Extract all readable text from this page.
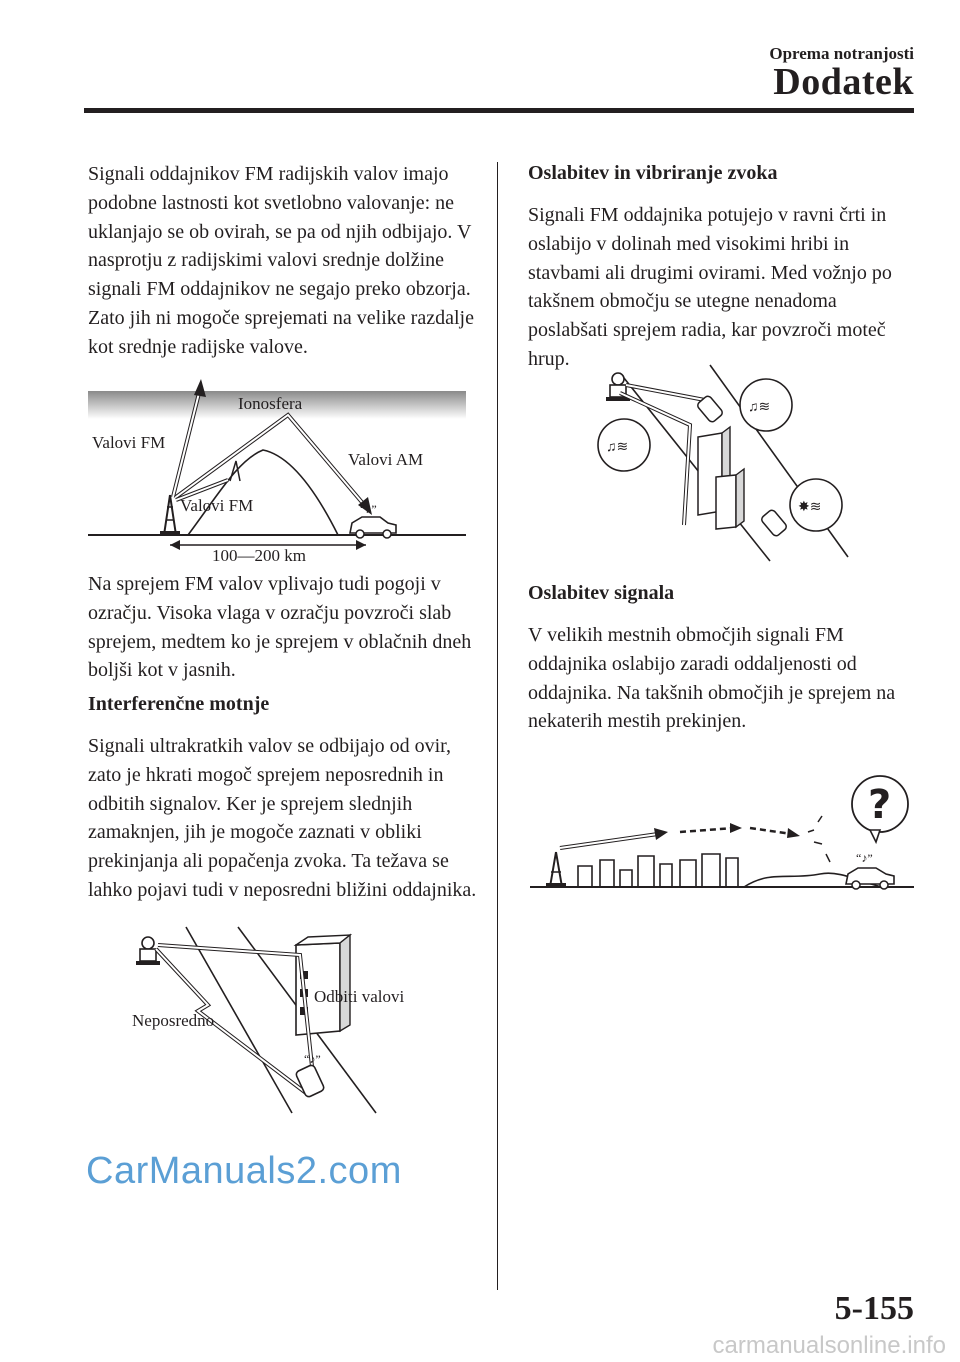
Oprema notranjosti
Dodatek

Signali oddajnikov FM radijskih valov imajo podobne lastnosti kot svetlobno valovanje: ne uklanjajo se ob ovirah, se pa od njih odbijajo. V nasprotju z radijskimi valovi srednje dolžine signali FM oddajnikov ne segajo preko obzorja. Zato jih ni mogoče sprejemati na velike razdalje kot srednje radijske valove.

“♪”
Ionosfera
Valovi FM
Valovi AM
Valovi FM
100—200 km

Na sprejem FM valov vplivajo tudi pogoji v ozračju. Visoka vlaga v ozračju povzroči slab sprejem, medtem ko je sprejem v oblačnih dneh boljši kot v jasnih.

Interferenčne motnje

Signali ultrakratkih valov se odbijajo od ovir, zato je hkrati mogoč sprejem neposrednih in odbitih signalov. Ker je sprejem slednjih zamaknjen, jih je mogoče zaznati v obliki prekinjanja ali popačenja zvoka. Ta težava se lahko pojavi tudi v neposredni bližini oddajnika.

“♪”
Odbiti valovi
Neposredno
Oslabitev in vibriranje zvoka

Signali FM oddajnika potujejo v ravni črti in oslabijo v dolinah med visokimi hribi in stavbami ali drugimi ovirami. Med vožnjo po takšnem območju se utegne nenadoma poslabšati sprejem radia, kar povzroči moteč hrup.

♫≋
♫≋
✸≋
Oslabitev signala

V velikih mestnih območjih signali FM oddajnika oslabijo zaradi oddaljenosti od oddajnika. Na takšnih območjih je sprejem na nekaterih mestih prekinjen.

“♪”
?
CarManuals2.com
5-155
carmanualsonline.info
